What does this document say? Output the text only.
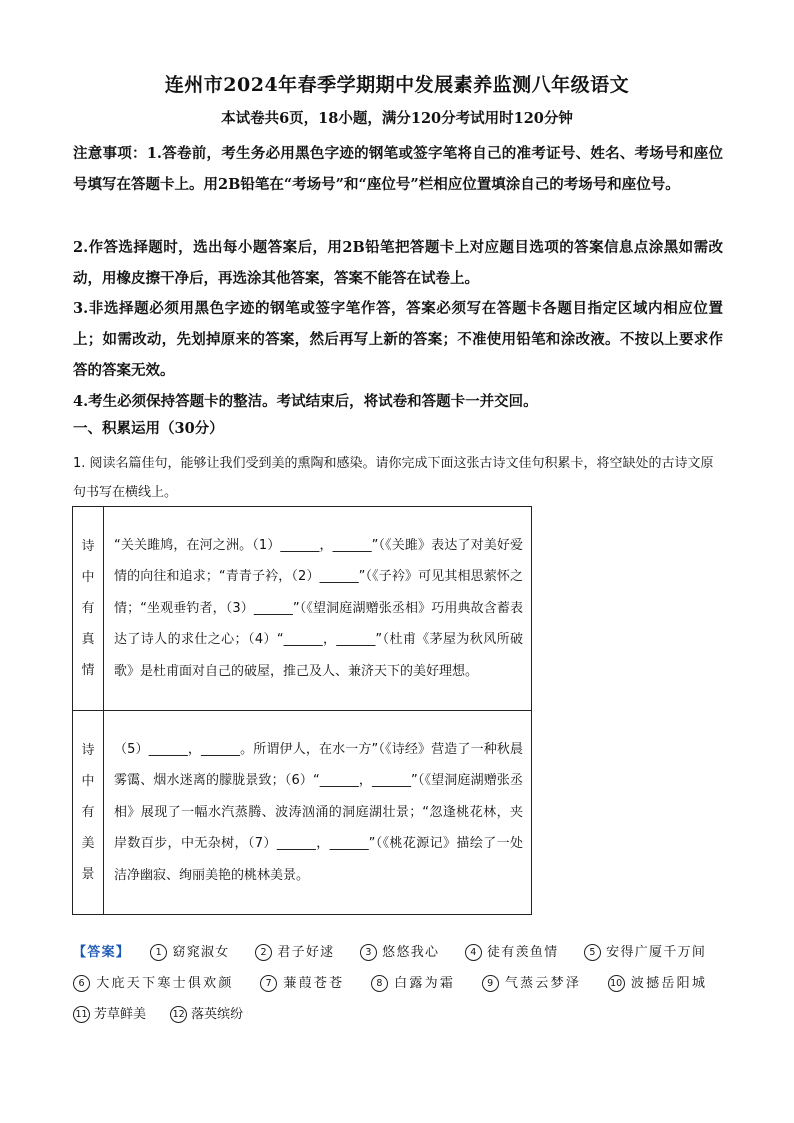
连州市2024年春季学期期中发展素养监测八年级语文
本试卷共6页，18小题，满分120分考试用时120分钟
注意事项：1.答卷前，考生务必用黑色字迹的钢笔或签字笔将自己的准考证号、姓名、考场号和座位号填写在答题卡上。用2B铅笔在“考场号”和“座位号”栏相应位置填涂自己的考场号和座位号。
2.作答选择题时，选出每小题答案后，用2B铅笔把答题卡上对应题目选项的答案信息点涂黑如需改动，用橡皮擦干净后，再选涂其他答案，答案不能答在试卷上。
3.非选择题必须用黑色字迹的钢笔或签字笔作答，答案必须写在答题卡各题目指定区域内相应位置上；如需改动，先划掉原来的答案，然后再写上新的答案；不准使用铅笔和涂改液。不按以上要求作答的答案无效。
4.考生必须保持答题卡的整洁。考试结束后，将试卷和答题卡一并交回。
一、积累运用（30分）
1. 阅读名篇佳句，能够让我们受到美的熏陶和感染。请你完成下面这张古诗文佳句积累卡，将空缺处的古诗文原句书写在横线上。
诗
中
有
真
情	“关关雎鸠，在河之洲。（1）______，______”（《关雎》表达了对美好爱情的向往和追求；“青青子衿，（2）______”（《子衿》可见其相思萦怀之情；“坐观垂钓者，（3）______”（《望洞庭湖赠张丞相》巧用典故含蓄表达了诗人的求仕之心；（4）“______，______”（杜甫《茅屋为秋风所破歌》是杜甫面对自己的破屋，推己及人、兼济天下的美好理想。

诗
中
有
美
景	（5）______，______。所谓伊人，在水一方”（《诗经》营造了一种秋晨雾霭、烟水迷离的朦胧景致；（6）“______，______”（《望洞庭湖赠张丞相》展现了一幅水汽蒸腾、波涛汹涌的洞庭湖壮景；“忽逢桃花林，夹岸数百步，中无杂树，（7）______，______”（《桃花源记》描绘了一处洁净幽寂、绚丽美艳的桃林美景。
【答案】	1 窈窕淑女	2 君子好逑	3 悠悠我心	4 徒有羡鱼情	5 安得广厦千万间 6 大庇天下寒士俱欢颜	7 蒹葭苍苍	8 白露为霜	9 气蒸云梦泽	10 波撼岳阳城 11 芳草鲜美	12 落英缤纷
